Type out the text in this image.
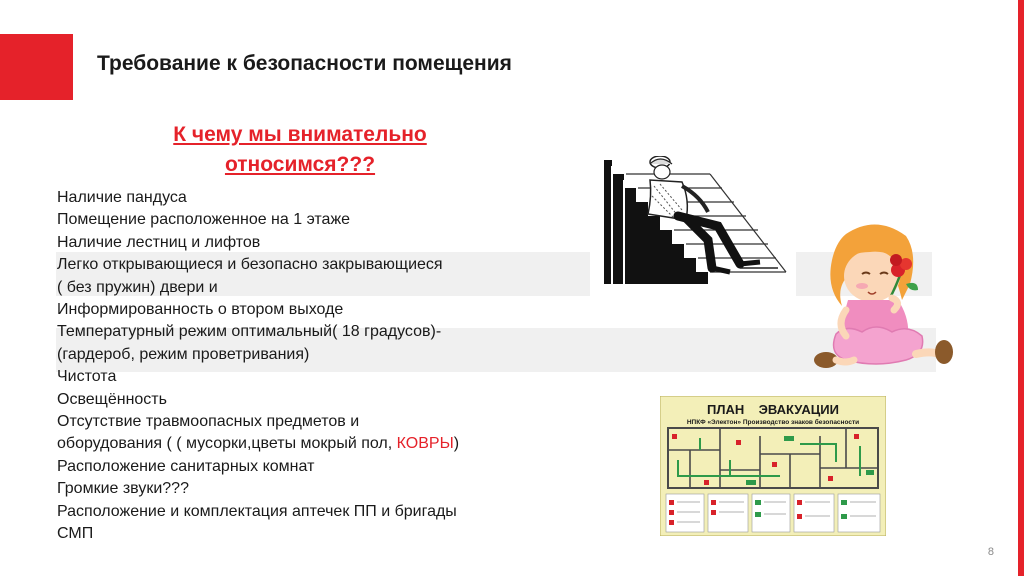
Требование к безопасности помещения
К чему мы внимательно
относимся???
Наличие пандуса
Помещение расположенное на 1 этаже
Наличие лестниц и лифтов
Легко открывающиеся и безопасно закрывающиеся
( без пружин) двери и
Информированность о втором выходе
Температурный режим оптимальный( 18 градусов)-
(гардероб, режим проветривания)
Чистота
Освещённость
Отсутствие травмоопасных предметов и
оборудования ( ( мусорки,цветы мокрый пол, КОВРЫ)
Расположение санитарных комнат
Громкие звуки???
Расположение и комплектация аптечек ПП и бригады
СМП
ПЛАН    ЭВАКУАЦИИ
НПКФ «Электон» Производство знаков безопасности
8
